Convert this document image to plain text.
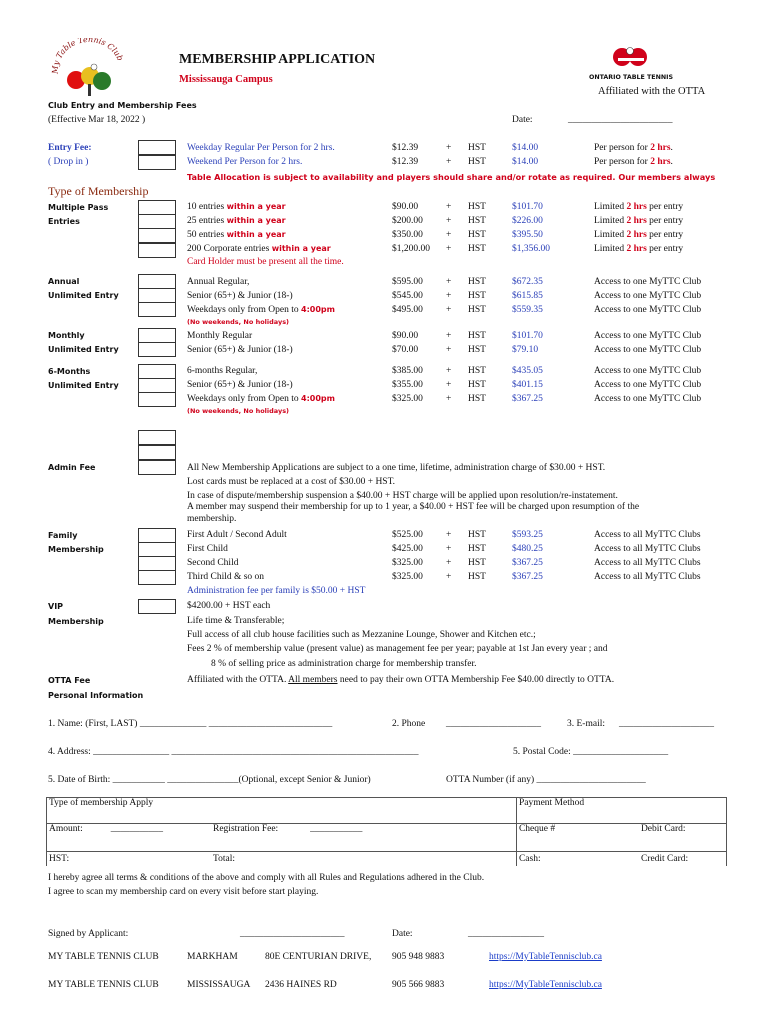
My Table Tennis Club
ONTARIO TABLE TENNIS
MEMBERSHIP APPLICATION
Mississauga Campus
Affiliated with the OTTA
Club Entry and Membership Fees
(Effective Mar 18, 2022 )	Date:	______________________
Entry Fee:
( Drop in )
Weekday Regular Per Person for 2 hrs.	$12.39	+ HST	$14.00	Per person for 2 hrs.
Weekend Per Person for 2 hrs.	$12.39	+ HST	$14.00	Per person for 2 hrs.
Table Allocation is subject to availability and players should share and/or rotate as required. Our members always
Type of Membership
Multiple Pass
Entries
10 entries within a year	$90.00	+ HST	$101.70	Limited 2 hrs per entry
25 entries within a year	$200.00 + HST	$226.00	Limited 2 hrs per entry
50 entries within a year	$350.00 + HST	$395.50	Limited 2 hrs per entry
200 Corporate entries within a year	$1,200.00 + HST	$1,356.00	Limited 2 hrs per entry
Card Holder must be present all the time.
Annual
Unlimited Entry
Annual Regular,	$595.00 + HST	$672.35	Access to one MyTTC Club
Senior (65+) & Junior (18-)	$545.00 + HST	$615.85	Access to one MyTTC Club
Weekdays only from Open to 4:00pm	$495.00 + HST	$559.35	Access to one MyTTC Club
(No weekends, No holidays)
Monthly
Unlimited Entry
Monthly Regular	$90.00	+ HST	$101.70	Access to one MyTTC Club
Senior (65+) & Junior (18-)	$70.00	+ HST	$79.10	Access to one MyTTC Club
6-Months
Unlimited Entry
6-months Regular,	$385.00 + HST	$435.05	Access to one MyTTC Club
Senior (65+) & Junior (18-)	$355.00 + HST	$401.15	Access to one MyTTC Club
Weekdays only from Open to 4:00pm	$325.00 + HST	$367.25	Access to one MyTTC Club
(No weekends, No holidays)
Admin Fee	All New Membership Applications are subject to a one time, lifetime, administration charge of $30.00 + HST.
Lost cards must be replaced at a cost of $30.00 + HST.
In case of dispute/membership suspension a $40.00 + HST charge will be applied upon resolution/re-instatement.
A member may suspend their membership for up to 1 year, a $40.00 + HST fee will be charged upon resumption of the
membership.
Family
Membership
First Adult / Second Adult	$525.00 + HST	$593.25	Access to all MyTTC Clubs
First Child	$425.00 + HST	$480.25	Access to all MyTTC Clubs
Second Child	$325.00 + HST	$367.25	Access to all MyTTC Clubs
Third Child & so on	$325.00 + HST	$367.25	Access to all MyTTC Clubs
Administration fee per family is $50.00 + HST
VIP
Membership
$4200.00 + HST each
Life time & Transferable;
Full access of all club house facilities such as Mezzanine Lounge, Shower and Kitchen etc.;
Fees 2 % of membership value (present value) as management fee per year; payable at 1st Jan every year ; and
8 % of selling price as administration charge for membership transfer.
OTTA Fee	Affiliated with the OTTA. All members need to pay their own OTTA Membership Fee $40.00 directly to OTTA.
Personal Information
1. Name: (First, LAST) ______________ __________________________	2. Phone ____________________	3. E-mail: ____________________
4. Address: ________________ ____________________________________________________	5. Postal Code: ____________________
5. Date of Birth: ___________ _______________(Optional, except Senior & Junior)	OTTA Number (if any) _______________________
Type of membership Apply		Payment Method	
Amount: ___________	Registration Fee: ___________	Cheque #	Debit Card:
HST:	Total:	Cash:	Credit Card:
I hereby agree all terms & conditions of the above and comply with all Rules and Regulations adhered in the Club.
I agree to scan my membership card on every visit before start playing.
Signed by Applicant:	______________________	Date:	________________
MY TABLE TENNIS CLUB	MARKHAM	80E CENTURIAN DRIVE, 905 948 9883	https://MyTableTennisclub.ca
MY TABLE TENNIS CLUB	MISSISSAUGA 2436 HAINES RD	905 566 9883	https://MyTableTennisclub.ca
